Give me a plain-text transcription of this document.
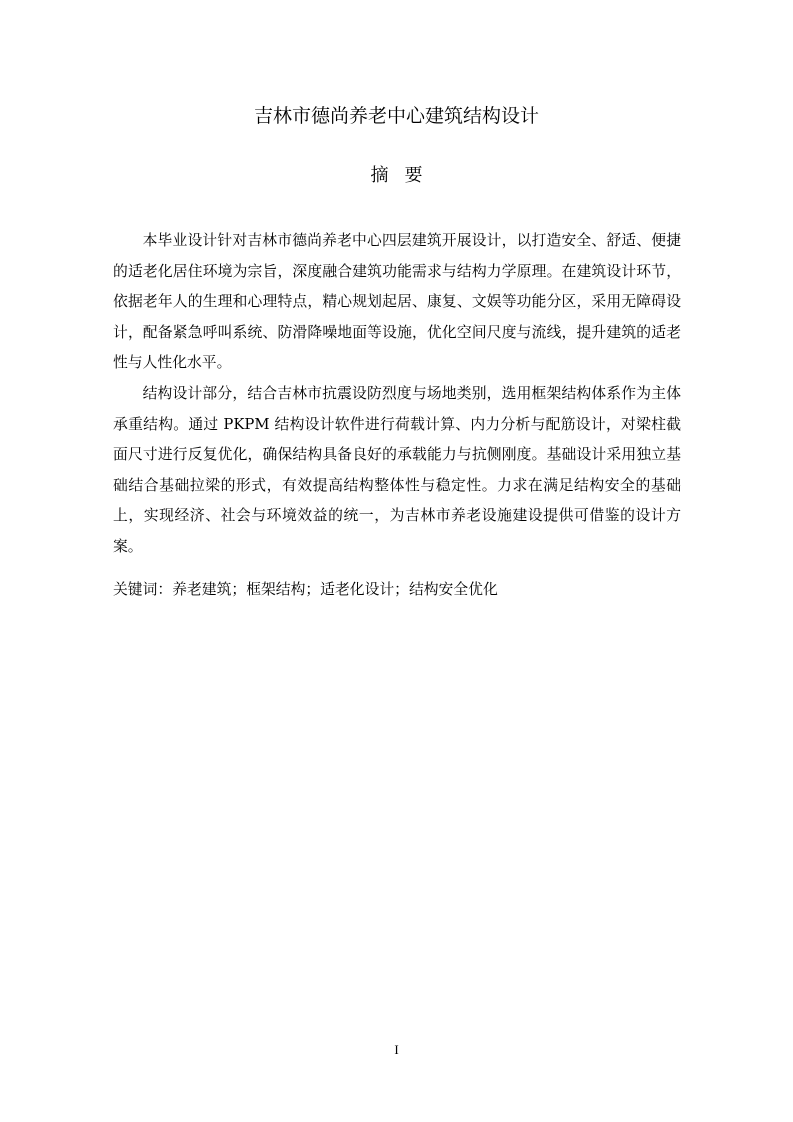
吉林市德尚养老中心建筑结构设计
摘要

本毕业设计针对吉林市德尚养老中心四层建筑开展设计，以打造安全、舒适、便捷的适老化居住环境为宗旨，深度融合建筑功能需求与结构力学原理。在建筑设计环节，依据老年人的生理和心理特点，精心规划起居、康复、文娱等功能分区，采用无障碍设计，配备紧急呼叫系统、防滑降噪地面等设施，优化空间尺度与流线，提升建筑的适老性与人性化水平。

结构设计部分，结合吉林市抗震设防烈度与场地类别，选用框架结构体系作为主体承重结构。通过 PKPM 结构设计软件进行荷载计算、内力分析与配筋设计，对梁柱截面尺寸进行反复优化，确保结构具备良好的承载能力与抗侧刚度。基础设计采用独立基础结合基础拉梁的形式，有效提高结构整体性与稳定性。力求在满足结构安全的基础上，实现经济、社会与环境效益的统一，为吉林市养老设施建设提供可借鉴的设计方案。

关键词：养老建筑；框架结构；适老化设计；结构安全优化

I
